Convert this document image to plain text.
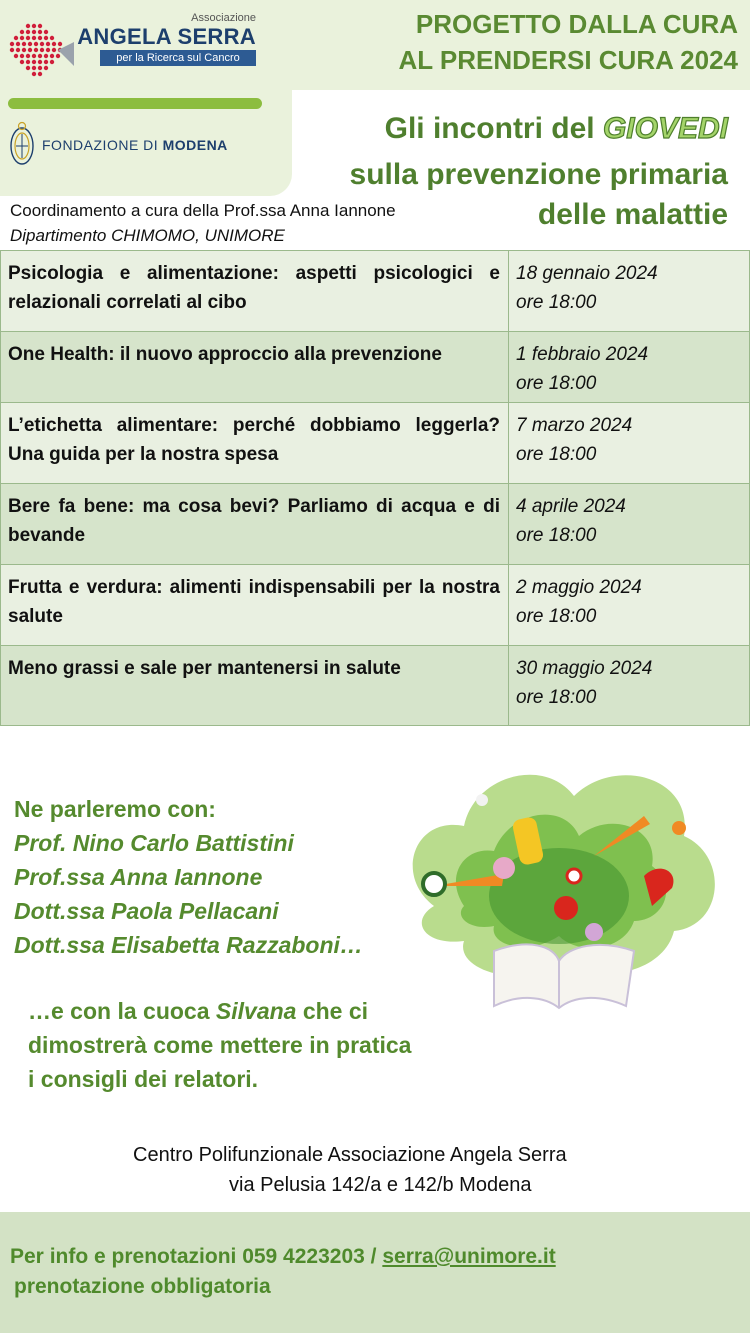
Associazione
ANGELA SERRA
per la Ricerca sul Cancro
FONDAZIONE DI MODENA
PROGETTO DALLA CURA
AL PRENDERSI CURA 2024
Gli incontri del GIOVEDI
sulla prevenzione primaria
delle malattie
Coordinamento a cura della Prof.ssa Anna Iannone
Dipartimento CHIMOMO, UNIMORE
Psicologia e alimentazione: aspetti psicologici e relazionali correlati al cibo	18 gennaio 2024
ore 18:00

One Health: il nuovo approccio alla prevenzione	1 febbraio 2024
ore 18:00

L’etichetta alimentare: perché dobbiamo leggerla? Una guida per la nostra spesa	7 marzo 2024
ore 18:00

Bere fa bene: ma cosa bevi? Parliamo di acqua e di bevande	4 aprile 2024
ore 18:00

Frutta e verdura: alimenti indispensabili per la nostra salute	2 maggio 2024
ore 18:00

Meno grassi e sale per mantenersi in salute	30 maggio 2024
ore 18:00
Ne parleremo con:
Prof. Nino Carlo Battistini
Prof.ssa Anna Iannone
Dott.ssa Paola Pellacani
Dott.ssa Elisabetta Razzaboni…
…e con la cuoca Silvana che ci
dimostrerà come mettere in pratica
i consigli dei relatori.
Centro Polifunzionale Associazione Angela Serra
via Pelusia 142/a e 142/b Modena
Per info e prenotazioni 059 4223203 / serra@unimore.it
prenotazione obbligatoria
